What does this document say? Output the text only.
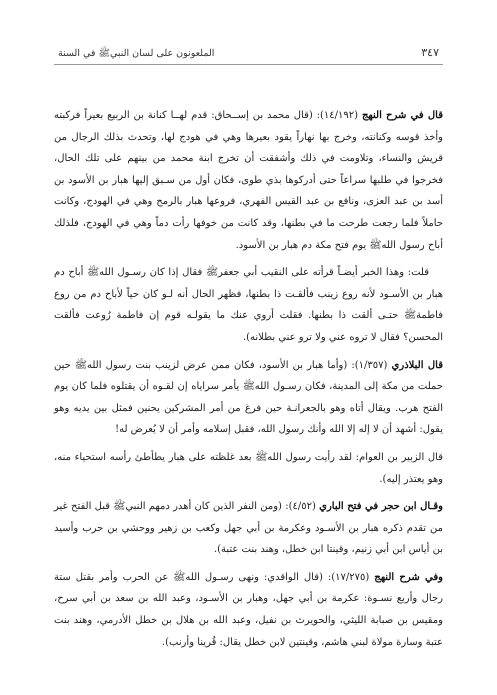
٣٤٧
الملعونون على لسان النبيﷺ في السنة

قال في شرح النهج (١٤/١٩٢): (قال محمد بن إســحاق: قدم لهــا كنانة بن الربيع بعيراً فركبته وأخذ قوسه وكنانته، وخرج بها نهاراً يقود بعيرها وهي في هودج لها، وتحدث بذلك الرجال من قريش والنساء، وتلاومت في ذلك وأشفقت أن تخرج ابنة محمد من بينهم على تلك الحال، فخرجوا في طلبها سراعاً حتى أدركوها بذي طوى، فكان أول من سـبق إليها هبار بن الأسود بن أسد بن عبد العزى، ونافع بن عبد القيس الفهري، فروعها هبار بالرمح وهي في الهودج، وكانت حاملاً فلما رجعت طرحت ما في بطنها، وقد كانت من خوفها رأت دماً وهي في الهودج، فلذلك أباح رسول اللهﷺ يوم فتح مكة دم هبار بن الأسود.

قلت: وهذا الخبر أيضـاً قرأته على النقيب أبي جعفرﷺ فقال إذا كان رسـول اللهﷺ أباح دم هبار بن الأسـود لأنه روع زينب فألقـت ذا بطنها، فظهر الحال أنه لـو كان حياً لأباح دم من روع فاطمةﷺ حتـى ألقت ذا بطنها. فقلت أروي عنك ما يقولـه قوم إن فاطمة رُوعت فألقت المحسن؟ فقال لا تروه عني ولا ترو عني بطلانه).

قال البلاذري (١/٣٥٧): (وأما هبار بن الأسود، فكان ممن عرض لزينب بنت رسول اللهﷺ حين حملت من مكة إلى المدينة، فكان رسـول اللهﷺ يأمر سراياه إن لقـوه أن يقتلوه فلما كان يوم الفتح هرب. ويقال أتاه وهو بالجعرانـة حين فرغ من أمر المشركين يحنين فمثل بين يديه وهو يقول: أشهد أن لا إله إلا الله وأنك رسول الله، فقبل إسلامه وأمر أن لا يُعرض له!

قال الزبير بن العوام: لقد رأيت رسول اللهﷺ بعد غلظته على هبار يطأطئ رأسه استحياء منه، وهو يعتذر إليه).

وقـال ابن حجر في فتح الباري (٤/٥٢): (ومن النفر الذين كان أهدر دمهم النبيﷺ قبل الفتح غير من تقدم ذكره هبار بن الأسـود وعكرمة بن أبي جهل وكعب بن زهير ووحشي بن حرب وأسيد بن أياس ابن أبي زنيم، وقينتا ابن خطل، وهند بنت عتبة).

وفي شرح النهج (١٧/٢٧٥): (قال الواقدي: ونهى رسـول اللهﷺ عن الحرب وأمر بقتل ستة رجال وأربع نسـوة: عكرمة بن أبي جهل، وهبار بن الأسـود، وعبد الله بن سعد بن أبي سرح، ومقيس بن صبابة الليثي، والحويرث بن نفيل، وعبد الله بن هلال بن خطل الأدرمي، وهند بنت عتبة وسارة مولاة لبني هاشم، وقينتين لابن خطل يقال: قُرينا وأرنب).
